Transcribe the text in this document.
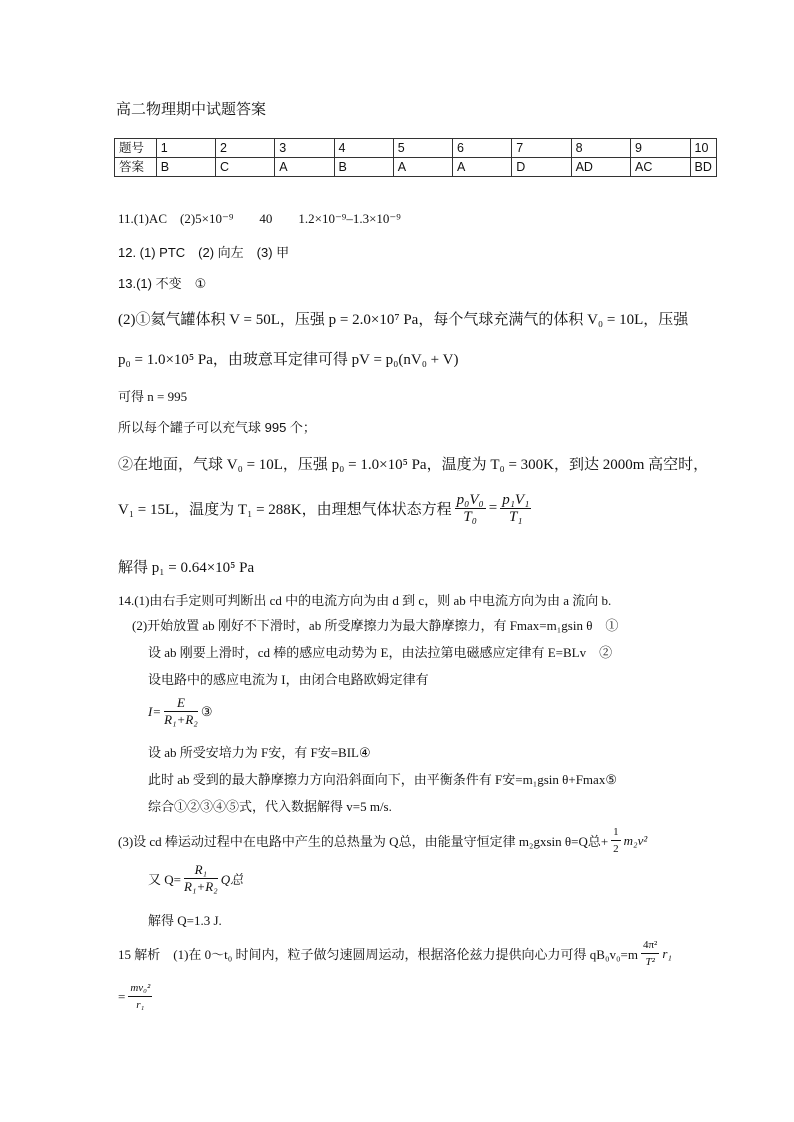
高二物理期中试题答案
题号	1	2	3	4	5	6	7	8	9	10
答案	B	C	A	B	A	A	D	AD	AC	BD
11.(1)AC　(2)5×10⁻⁹　　40　　1.2×10⁻⁹–1.3×10⁻⁹
12. (1) PTC　(2) 向左　(3) 甲
13.(1) 不变　①
(2)①氦气罐体积 V = 50L，压强 p = 2.0×10⁷ Pa，每个气球充满气的体积 V₀ = 10L，压强
p₀ = 1.0×10⁵ Pa，由玻意耳定律可得 pV = p₀(nV₀ + V)
可得 n = 995
所以每个罐子可以充气球 995 个；
②在地面，气球 V₀ = 10L，压强 p₀ = 1.0×10⁵ Pa，温度为 T₀ = 300K，到达 2000m 高空时，
V₁ = 15L，温度为 T₁ = 288K，由理想气体状态方程 $\frac{\text{p₀V₀}}{\text{T₀}} = \frac{\text{p₁V₁}}{\text{T₁}}$
解得 p₁ = 0.64×10⁵ Pa
14.(1)由右手定则可判断出 cd 中的电流方向为由 d 到 c，则 ab 中电流方向为由 a 流向 b.
(2)开始放置 ab 刚好不下滑时，ab 所受摩擦力为最大静摩擦力，有 Fmax=m₁gsin θ　①
设 ab 刚要上滑时，cd 棒的感应电动势为 E，由法拉第电磁感应定律有 E=BLv　②
设电路中的感应电流为 I，由闭合电路欧姆定律有
$I= \frac{E}{\text{R₁+R₂}}$ ③
设 ab 所受安培力为 F安，有 F安=BIL④
此时 ab 受到的最大静摩擦力方向沿斜面向下，由平衡条件有 F安=m₁gsin θ+Fmax⑤
综合①②③④⑤式，代入数据解得 v=5 m/s.
(3)设 cd 棒运动过程中在电路中产生的总热量为 Q总，由能量守恒定律 m₂gxsin θ=Q总+ $\frac{1}{2} m_2v^2$
又 $Q= \frac{\text{R₁}}{\text{R₁+R₂}}$ Q总
解得 Q=1.3 J.
15 解析　(1)在 0～t₀ 时间内，粒子做匀速圆周运动，根据洛伦兹力提供向心力可得 $qB_0v_0=m \frac{\text{4π²}}{\text{T²}} r_1$
= $\frac{\text{mv₀²}}{\text{r₁}}$
